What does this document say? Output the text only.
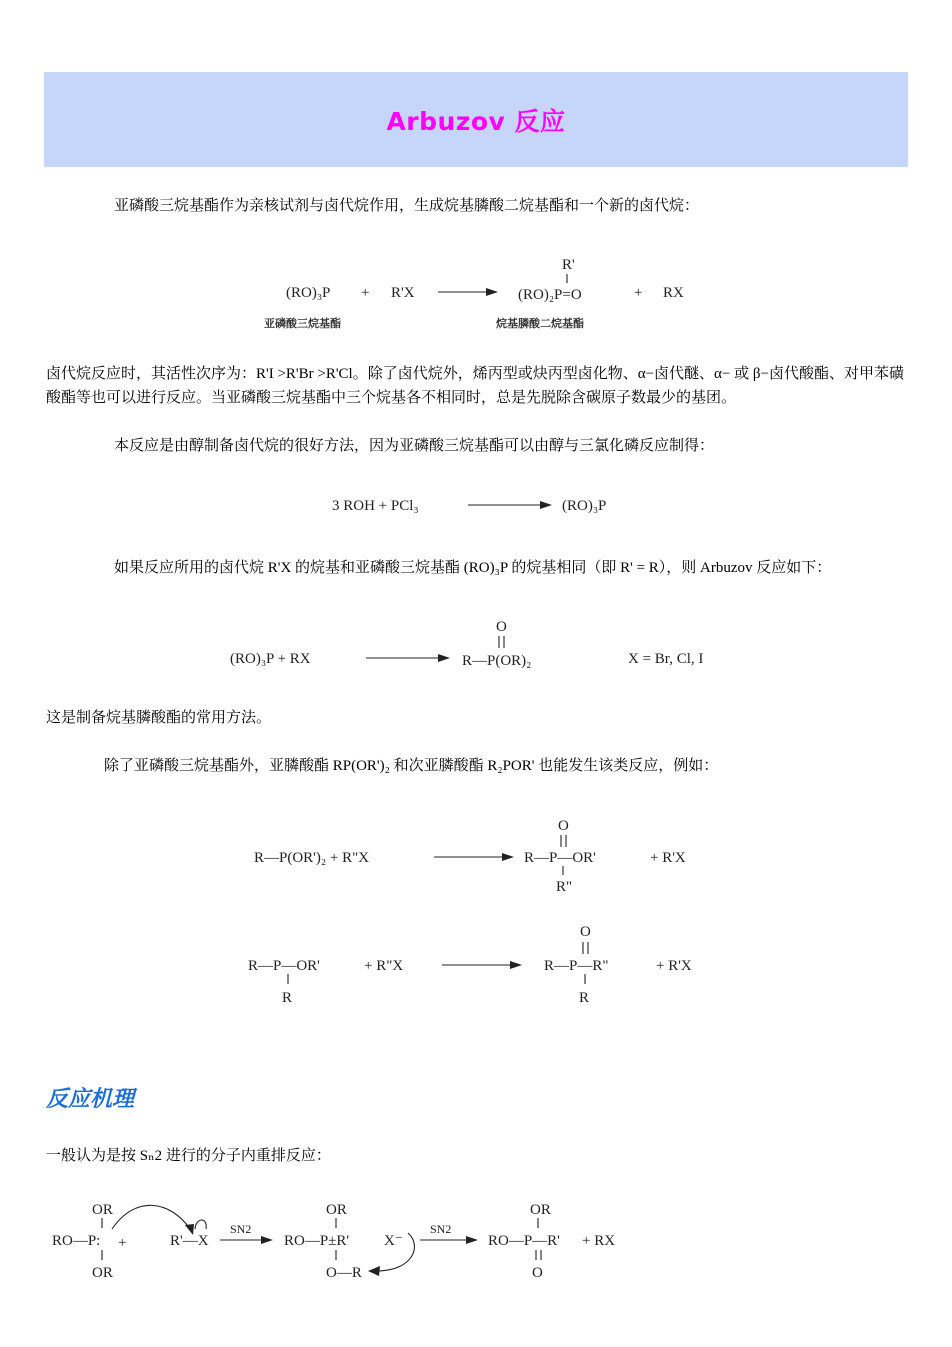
Arbuzov 反应

亚磷酸三烷基酯作为亲核试剂与卤代烷作用，生成烷基膦酸二烷基酯和一个新的卤代烷：

(RO)₃P + R'X
R'
(RO)₂P=O	+ RX
亚磷酸三烷基酯	烷基膦酸二烷基酯

卤代烷反应时，其活性次序为：R'I >R'Br >R'Cl。除了卤代烷外，烯丙型或炔丙型卤化物、α−卤代醚、α− 或 β−卤代酸酯、对甲苯磺酸酯等也可以进行反应。当亚磷酸三烷基酯中三个烷基各不相同时，总是先脱除含碳原子数最少的基团。

本反应是由醇制备卤代烷的很好方法，因为亚磷酸三烷基酯可以由醇与三氯化磷反应制得：

3 ROH + PCl₃	(RO)₃P

如果反应所用的卤代烷 R'X 的烷基和亚磷酸三烷基酯 (RO)₃P 的烷基相同（即 R' = R），则 Arbuzov 反应如下：

(RO)₃P + RX
O
R—P(OR)₂	X = Br, Cl, I

这是制备烷基膦酸酯的常用方法。

除了亚磷酸三烷基酯外，亚膦酸酯 RP(OR')₂ 和次亚膦酸酯 R₂POR' 也能发生该类反应，例如：

R—P(OR')₂ + R"X
O
R—P—OR'
R"
+ R'X
R—P—OR'
R
+ R"X
O
R—P—R"
R
+ R'X
反应机理

一般认为是按 Sₙ2 进行的分子内重排反应：

OR
RO—P:
OR
+	R'—X
SN2
OR
RO—P±R'
O—R
X⁻
SN2
OR
RO—P—R'
O
+ RX
